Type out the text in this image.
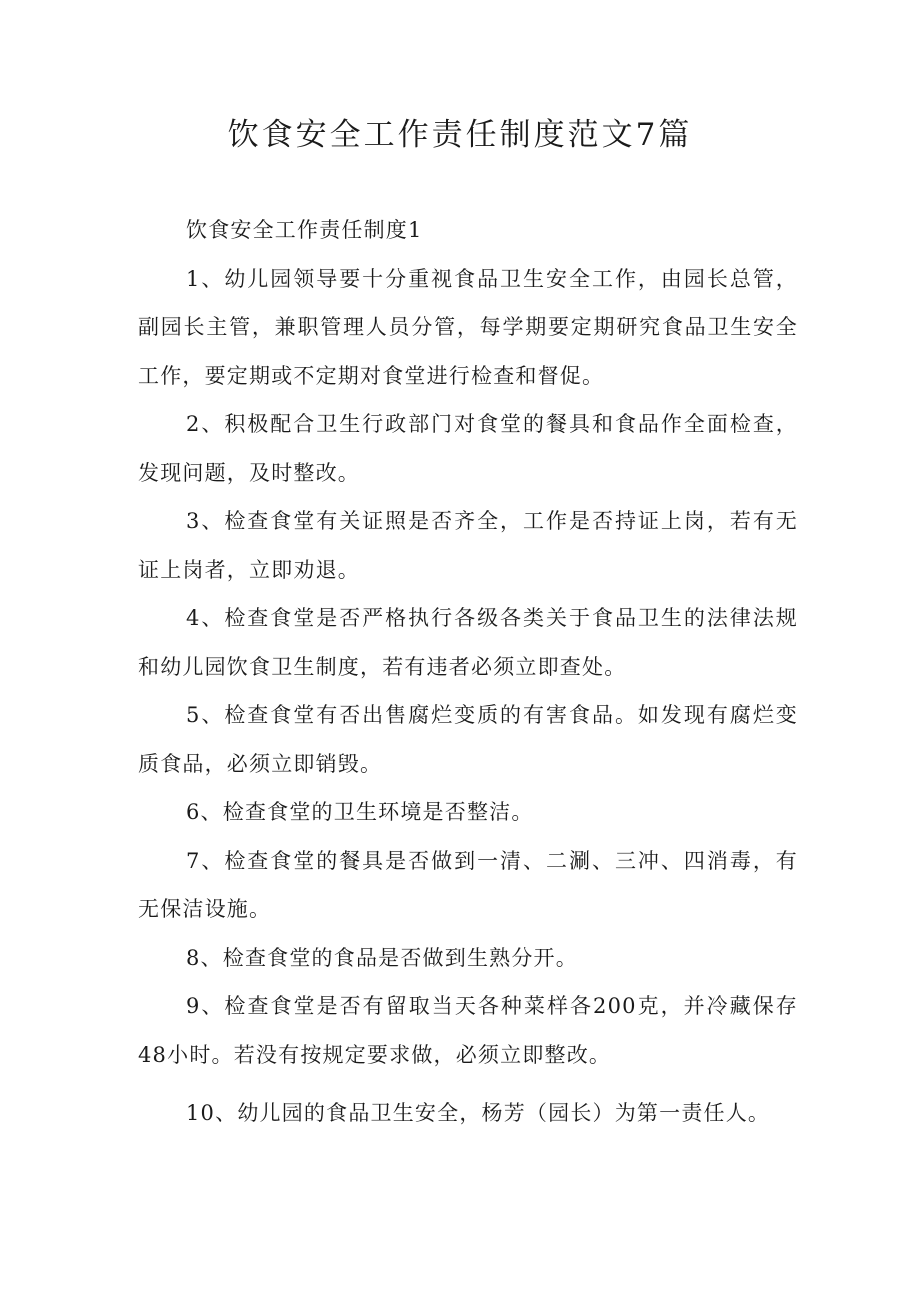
饮食安全工作责任制度范文7篇

饮食安全工作责任制度1

1、幼儿园领导要十分重视食品卫生安全工作，由园长总管，副园长主管，兼职管理人员分管，每学期要定期研究食品卫生安全工作，要定期或不定期对食堂进行检查和督促。

2、积极配合卫生行政部门对食堂的餐具和食品作全面检查，发现问题，及时整改。

3、检查食堂有关证照是否齐全，工作是否持证上岗，若有无证上岗者，立即劝退。

4、检查食堂是否严格执行各级各类关于食品卫生的法律法规和幼儿园饮食卫生制度，若有违者必须立即查处。

5、检查食堂有否出售腐烂变质的有害食品。如发现有腐烂变质食品，必须立即销毁。

6、检查食堂的卫生环境是否整洁。

7、检查食堂的餐具是否做到一清、二涮、三冲、四消毒，有无保洁设施。

8、检查食堂的食品是否做到生熟分开。

9、检查食堂是否有留取当天各种菜样各200克，并冷藏保存48小时。若没有按规定要求做，必须立即整改。

10、幼儿园的食品卫生安全，杨芳（园长）为第一责任人。
